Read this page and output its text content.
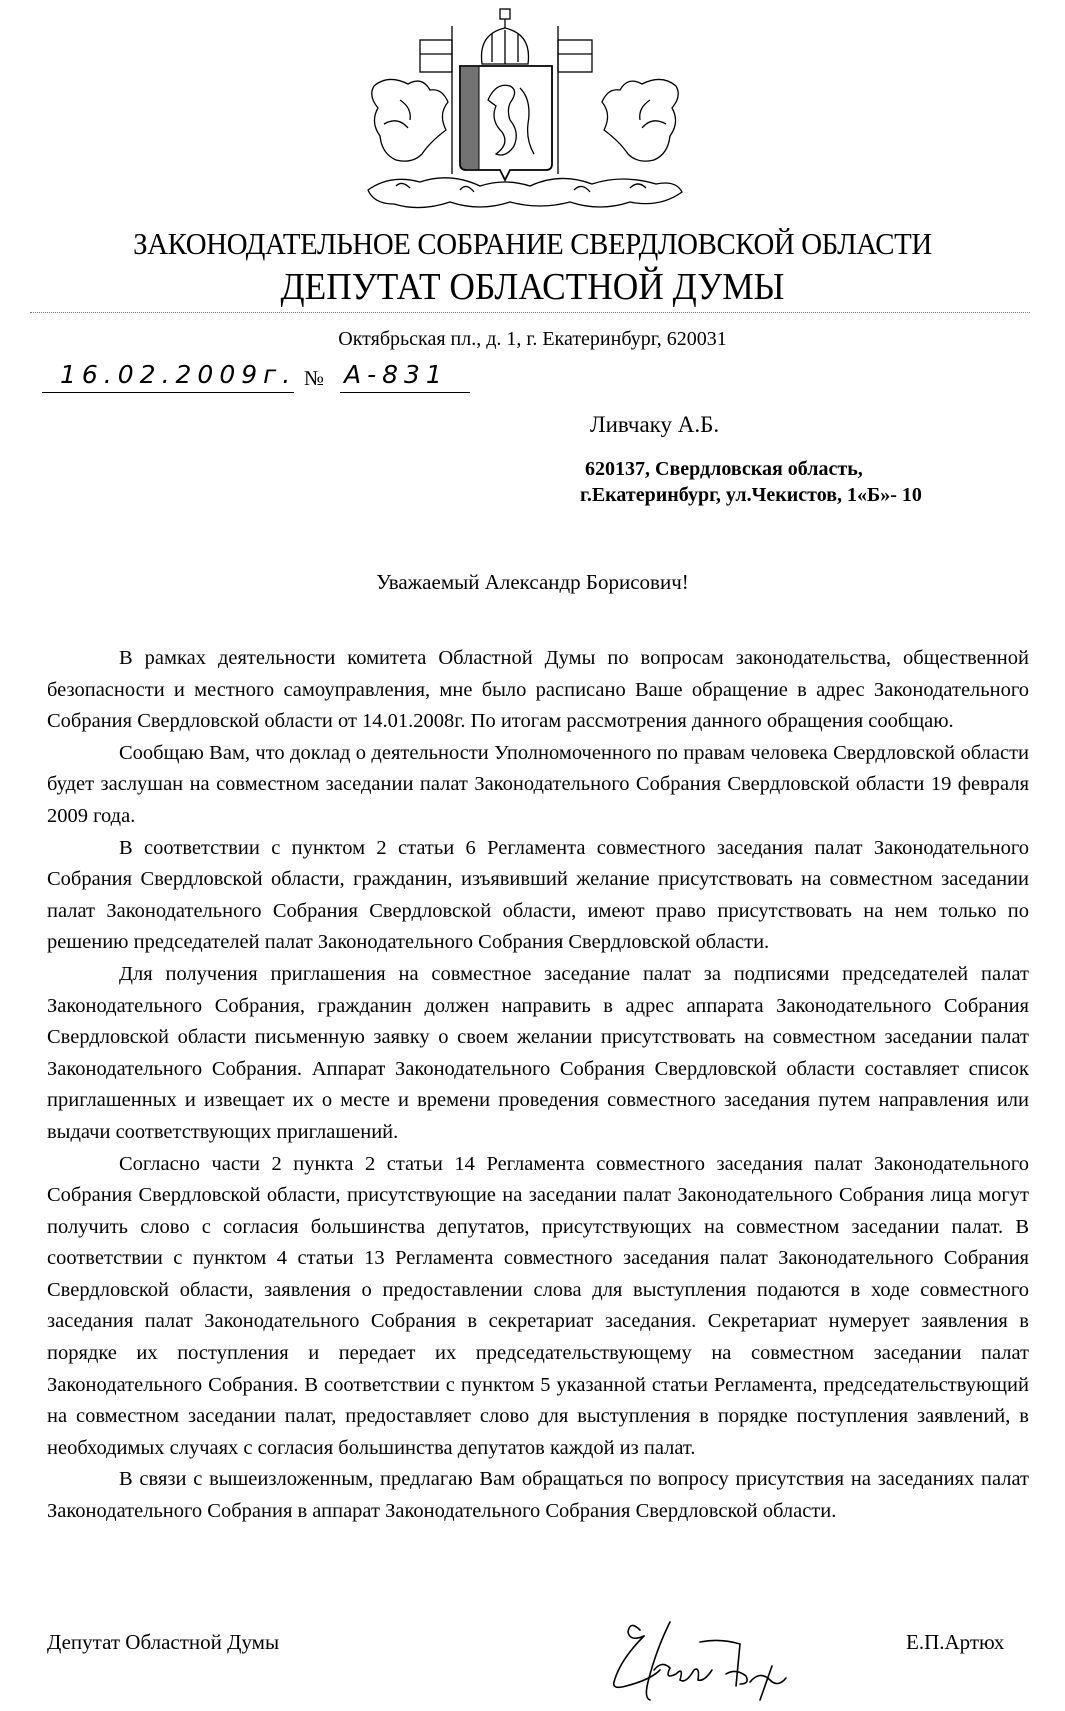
ЗАКОНОДАТЕЛЬНОЕ СОБРАНИЕ СВЕРДЛОВСКОЙ ОБЛАСТИ
ДЕПУТАТ ОБЛАСТНОЙ ДУМЫ
Октябрьская пл., д. 1, г. Екатеринбург, 620031
16.02.2009г. № А-831
Ливчаку А.Б.
620137, Свердловская область,
г.Екатеринбург, ул.Чекистов, 1«Б»- 10
Уважаемый Александр Борисович!

В рамках деятельности комитета Областной Думы по вопросам законодательства, общественной безопасности и местного самоуправления, мне было расписано Ваше обращение в адрес Законодательного Собрания Свердловской области от 14.01.2008г. По итогам рассмотрения данного обращения сообщаю.

Сообщаю Вам, что доклад о деятельности Уполномоченного по правам человека Свердловской области будет заслушан на совместном заседании палат Законодательного Собрания Свердловской области 19 февраля 2009 года.

В соответствии с пунктом 2 статьи 6 Регламента совместного заседания палат Законодательного Собрания Свердловской области, гражданин, изъявивший желание присутствовать на совместном заседании палат Законодательного Собрания Свердловской области, имеют право присутствовать на нем только по решению председателей палат Законодательного Собрания Свердловской области.

Для получения приглашения на совместное заседание палат за подписями председателей палат Законодательного Собрания, гражданин должен направить в адрес аппарата Законодательного Собрания Свердловской области письменную заявку о своем желании присутствовать на совместном заседании палат Законодательного Собрания. Аппарат Законодательного Собрания Свердловской области составляет список приглашенных и извещает их о месте и времени проведения совместного заседания путем направления или выдачи соответствующих приглашений.

Согласно части 2 пункта 2 статьи 14 Регламента совместного заседания палат Законодательного Собрания Свердловской области, присутствующие на заседании палат Законодательного Собрания лица могут получить слово с согласия большинства депутатов, присутствующих на совместном заседании палат. В соответствии с пунктом 4 статьи 13 Регламента совместного заседания палат Законодательного Собрания Свердловской области, заявления о предоставлении слова для выступления подаются в ходе совместного заседания палат Законодательного Собрания в секретариат заседания. Секретариат нумерует заявления в порядке их поступления и передает их председательствующему на совместном заседании палат Законодательного Собрания. В соответствии с пунктом 5 указанной статьи Регламента, председательствующий на совместном заседании палат, предоставляет слово для выступления в порядке поступления заявлений, в необходимых случаях с согласия большинства депутатов каждой из палат.

В связи с вышеизложенным, предлагаю Вам обращаться по вопросу присутствия на заседаниях палат Законодательного Собрания в аппарат Законодательного Собрания Свердловской области.

Депутат Областной Думы	Е.П.Артюх
